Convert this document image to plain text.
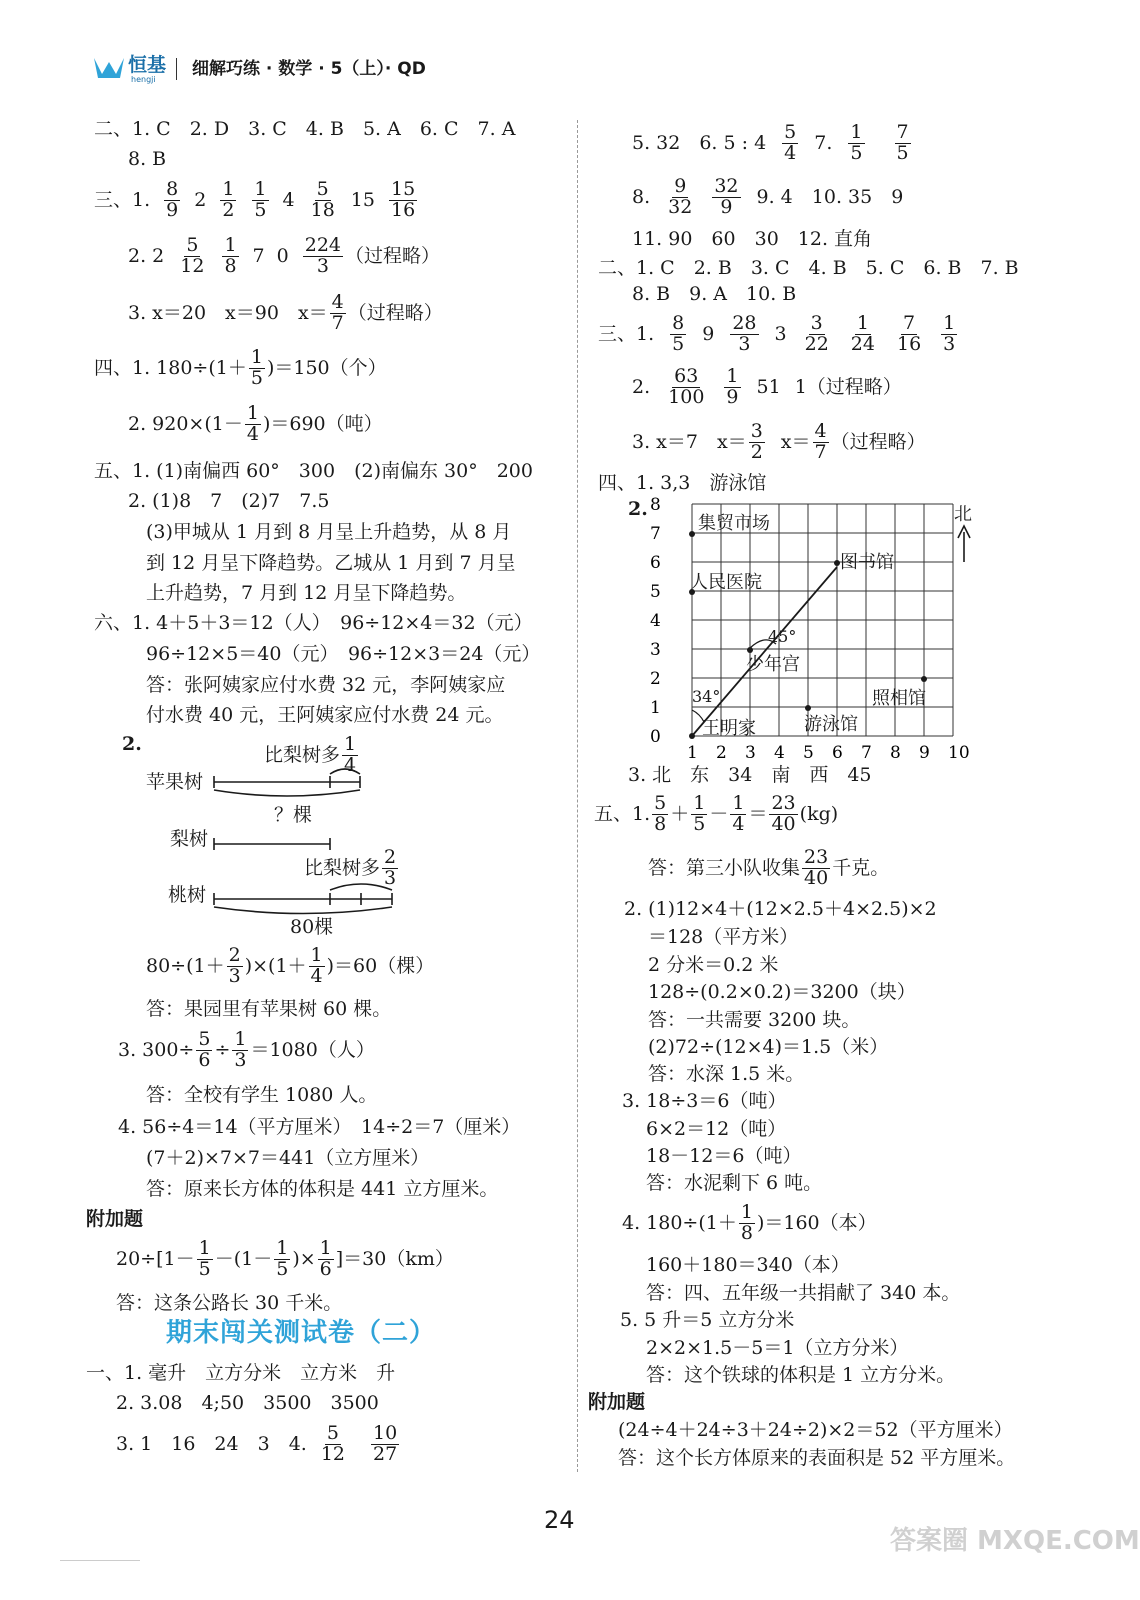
恒基
hengji
细解巧练 · 数学 · 5（上）· QD
二、1. C　2. D　3. C　4. B　5. A　6. C　7. A
8. B
三、1. $\frac{8}{9} 2 \frac{1}{2} \frac{1}{5} 4 \frac{5}{18} 15 \frac{15}{16}$
2. $2 \frac{5}{12} \frac{1}{8} 7$ $0 \frac{224}{3}$ （过程略）
3. x＝20　x＝90　$x= \frac{4}{7}$ （过程略）
四、1. $180\div(1+ \frac{1}{5} )=150$（个）
2. $920\times(1- \frac{1}{4} )=690$（吨）
五、1. (1)南偏西 60°　300　(2)南偏东 30°　200
2. (1)8　7　(2)7　7.5
(3)甲城从 1 月到 8 月呈上升趋势，从 8 月
到 12 月呈下降趋势。乙城从 1 月到 7 月呈
上升趋势，7 月到 12 月呈下降趋势。
六、1. 4＋5＋3＝12（人）　96÷12×4＝32（元）
96÷12×5＝40（元）　96÷12×3＝24（元）
答：张阿姨家应付水费 32 元，李阿姨家应
付水费 40 元，王阿姨家应付水费 24 元。
2.	比梨树多 $\frac{1}{4}$
苹果树
？棵
梨树
比梨树多 $\frac{2}{3}$
桃树
80棵
$80\div(1+ \frac{2}{3} )\times(1+ \frac{1}{4} )=60$（棵）
答：果园里有苹果树 60 棵。
3. $300\div \frac{5}{6} \div \frac{1}{3} =1080$（人）
答：全校有学生 1080 人。
4. 56÷4＝14（平方厘米）　14÷2＝7（厘米）
(7＋2)×7×7＝441（立方厘米）
答：原来长方体的体积是 441 立方厘米。
附加题
$20\div[1- \frac{1}{5} -(1- \frac{1}{5}$ )× $\frac{1}{6} ]=30(km)$
答：这条公路长 30 千米。
期末闯关测试卷（二）
一、1. 毫升　立方分米　立方米　升
2. 3.08　4;50　3500　3500
3. 1　16　24　3　4. $\frac{5}{12} \frac{10}{27}$
5. 32　6. 5 : $4 \frac{5}{4} 7$. $\frac{1}{5} \frac{7}{5}$
8. $\frac{9}{32} \frac{32}{9} 9$. 4　10. 35　9
11. 90　60　30　12. 直角
二、1. C　2. B　3. C　4. B　5. C　6. B　7. B
8. B　9. A　10. B
三、1. $\frac{8}{5} 9 \frac{28}{3} 3 \frac{3}{22} \frac{1}{24} \frac{7}{16} \frac{1}{3}$
2. $\frac{63}{100} \frac{1}{9} 51$ 1（过程略）
3. x＝7　$x= \frac{3}{2} x= \frac{4}{7}$ （过程略）
四、1. 3,3　游泳馆
2.
0
1
2
3
4
5
6
7
8
1 2 3 4 5 6 7 8 9 10
集贸市场
图书馆
人民医院
少年宫
照相馆
王明家	游泳馆
45°
34°
北
3. 北　东　34　南　西　45
五、1. $\frac{5}{8} + \frac{1}{5} - \frac{1}{4} = \frac{23}{40} (kg)$
答：第三小队收集 $\frac{23}{40}$ 千克。
2. (1)12×4＋(12×2.5＋4×2.5)×2
＝128（平方米）
2 分米＝0.2 米
128÷(0.2×0.2)＝3200（块）
答：一共需要 3200 块。
(2)72÷(12×4)＝1.5（米）
答：水深 1.5 米。
3. 18÷3＝6（吨）
6×2＝12（吨）
18－12＝6（吨）
答：水泥剩下 6 吨。
4. $180\div(1+ \frac{1}{8} )=160$（本）
160＋180＝340（本）
答：四、五年级一共捐献了 340 本。
5. 5 升＝5 立方分米
2×2×1.5－5＝1（立方分米）
答：这个铁球的体积是 1 立方分米。
附加题
(24÷4＋24÷3＋24÷2)×2＝52（平方厘米）
答：这个长方体原来的表面积是 52 平方厘米。
24
答案圈 MXQE.COM
